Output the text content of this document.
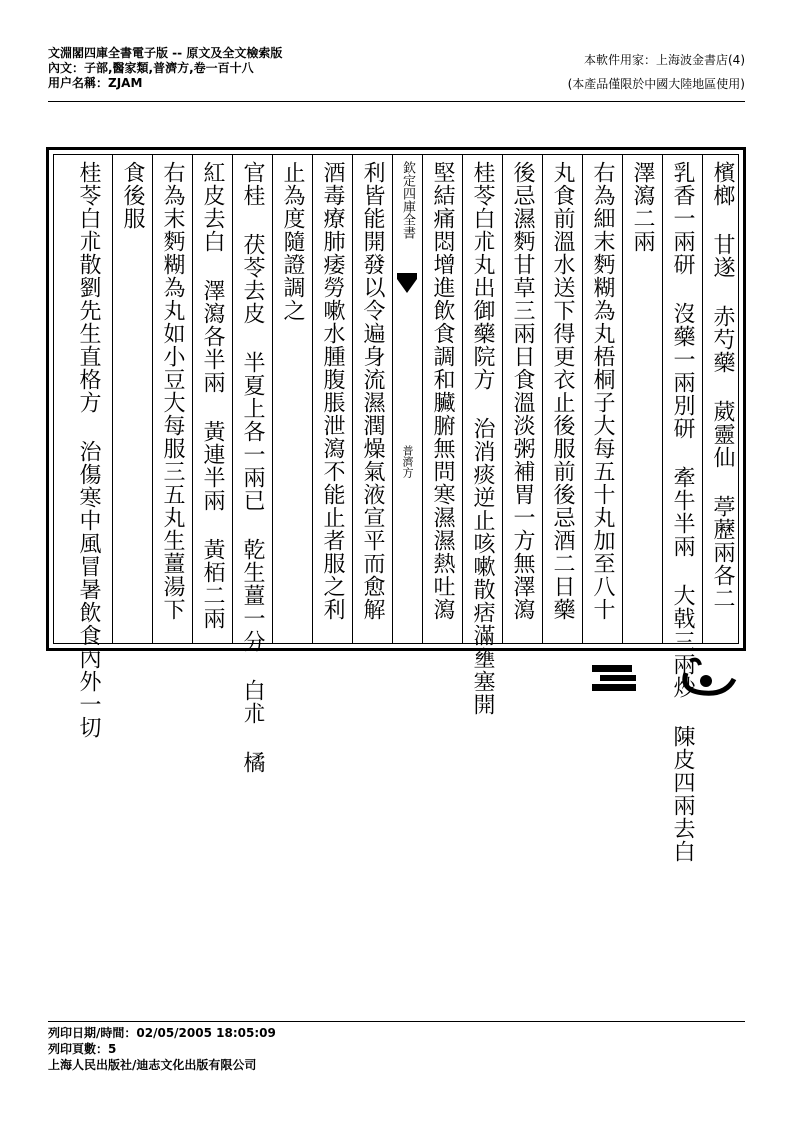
文淵閣四庫全書電子版 -- 原文及全文檢索版
內文：子部,醫家類,普濟方,卷一百十八
用户名稱：ZJAM
本軟件用家：上海波金書店(4)
(本產品僅限於中國大陸地區使用)
檳榔 甘遂 赤芍藥 葳靈仙 葶藶兩各二
乳香一兩研 沒藥一兩別研 牽牛半兩 大戟三兩炒 陳皮四兩去白
澤瀉二兩
右為細末麪糊為丸梧桐子大每五十丸加至八十
丸食前溫水送下得更衣止後服前後忌酒二日藥
後忌濕麪甘草三兩日食溫淡粥補胃一方無澤瀉
桂苓白朮丸出御藥院方 治消痰逆止咳嗽散痞滿壅塞開
堅結痛悶增進飲食調和臟腑無問寒濕濕熱吐瀉
欽定四庫全書
普濟方
利皆能開發以令遍身流濕潤燥氣液宣平而愈解
酒毒療肺痿勞嗽水腫腹脹泄瀉不能止者服之利
止為度隨證調之
官桂 茯苓去皮 半夏上各一兩已 乾生薑一分 白朮 橘
紅皮去白 澤瀉各半兩 黃連半兩 黃栢二兩
右為末麪糊為丸如小豆大每服三五丸生薑湯下
食後服
桂苓白朮散劉先生直格方 治傷寒中風冒暑飲食內外一切
列印日期/時間：02/05/2005 18:05:09
列印頁數：5
上海人民出版社/迪志文化出版有限公司
